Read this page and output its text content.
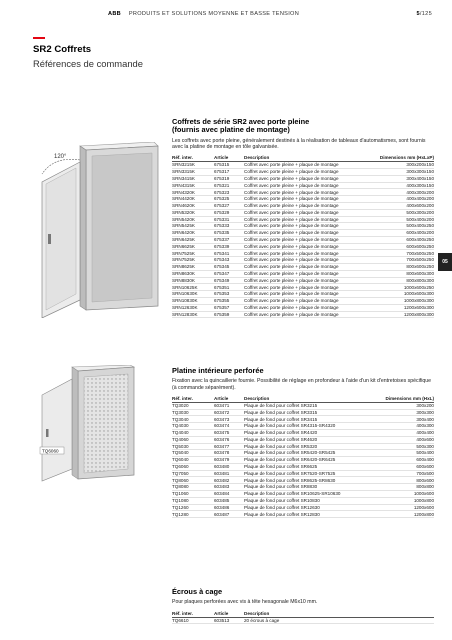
ABB PRODUITS ET SOLUTIONS MOYENNE ET BASSE TENSION	5/125
SR2 Coffrets
Références de commande
05
120°
TQ6060
Coffrets de série SR2 avec porte pleine
(fournis avec platine de montage)

Les coffrets avec porte pleine, généralement destinés à la réalisation de tableaux d'automatismes, sont fournis avec la platine de montage en tôle galvanisée.

Réf. inter.	Article	Description	Dimensions mm (HxLxP)
SRN3215K	675315	Coffret avec porte pleine + plaque de montage	300x200x150
SRN3315K	675317	Coffret avec porte pleine + plaque de montage	300x300x150
SRN3415K	675319	Coffret avec porte pleine + plaque de montage	300x400x150
SRN4315K	675321	Coffret avec porte pleine + plaque de montage	400x300x150
SRN4320K	675323	Coffret avec porte pleine + plaque de montage	400x300x200
SRN4420K	675325	Coffret avec porte pleine + plaque de montage	400x400x200
SRN4620K	675327	Coffret avec porte pleine + plaque de montage	400x600x200
SRN5320K	675329	Coffret avec porte pleine + plaque de montage	500x300x200
SRN5420K	675331	Coffret avec porte pleine + plaque de montage	500x400x200
SRN5425K	675333	Coffret avec porte pleine + plaque de montage	500x400x250
SRN6420K	675335	Coffret avec porte pleine + plaque de montage	600x400x200
SRN6425K	675337	Coffret avec porte pleine + plaque de montage	600x400x250
SRN6625K	675339	Coffret avec porte pleine + plaque de montage	600x600x250
SRN7525K	675341	Coffret avec porte pleine + plaque de montage	700x500x250
SRN7525K	675343	Coffret avec porte pleine + plaque de montage	700x500x250
SRN8625K	675345	Coffret avec porte pleine + plaque de montage	800x600x250
SRN8630K	675347	Coffret avec porte pleine + plaque de montage	800x600x300
SRN8830K	675349	Coffret avec porte pleine + plaque de montage	800x800x300
SRN10625K	675351	Coffret avec porte pleine + plaque de montage	1000x600x250
SRN10630K	675353	Coffret avec porte pleine + plaque de montage	1000x600x300
SRN10830K	675355	Coffret avec porte pleine + plaque de montage	1000x800x300
SRN12630K	675357	Coffret avec porte pleine + plaque de montage	1200x600x300
SRN12830K	675359	Coffret avec porte pleine + plaque de montage	1200x800x300
Platine intérieure perforée

Fixation avec la quincaillerie fournie. Possibilité de réglage en profondeur à l'aide d'un kit d'entretoises spécifique (à commande séparément).

Réf. inter.	Article	Description	Dimensions mm (HxL)
TQ3020	603471	Plaque de fond pour coffret SR3215	300x200
TQ3030	603472	Plaque de fond pour coffret SR3315	300x300
TQ3040	603473	Plaque de fond pour coffret SR3415	300x400
TQ4030	603474	Plaque de fond pour coffret SR4315-SR4320	400x300
TQ4040	603475	Plaque de fond pour coffret SR4420	400x400
TQ4060	603476	Plaque de fond pour coffret SR4620	400x600
TQ5030	603477	Plaque de fond pour coffret SR5320	500x300
TQ5040	603478	Plaque de fond pour coffret SR5420-SR5425	500x400
TQ6040	603479	Plaque de fond pour coffret SR6420-SR6425	600x400
TQ6060	603480	Plaque de fond pour coffret SR6625	600x600
TQ7050	603481	Plaque de fond pour coffret SR7520-SR7525	700x500
TQ8060	603482	Plaque de fond pour coffret SR8625-SR8630	800x600
TQ8080	603483	Plaque de fond pour coffret SR8830	800x800
TQ1060	603484	Plaque de fond pour coffret SR10625-SR10630	1000x600
TQ1080	603485	Plaque de fond pour coffret SR10830	1000x800
TQ1260	603486	Plaque de fond pour coffret SR12630	1200x600
TQ1280	603487	Plaque de fond pour coffret SR12830	1200x800
Écrous à cage

Pour plaques perforées avec vis à tête hexagonale M6x10 mm.

Réf. inter.	Article	Description
TQ6610	603513	20 écrous à cage
